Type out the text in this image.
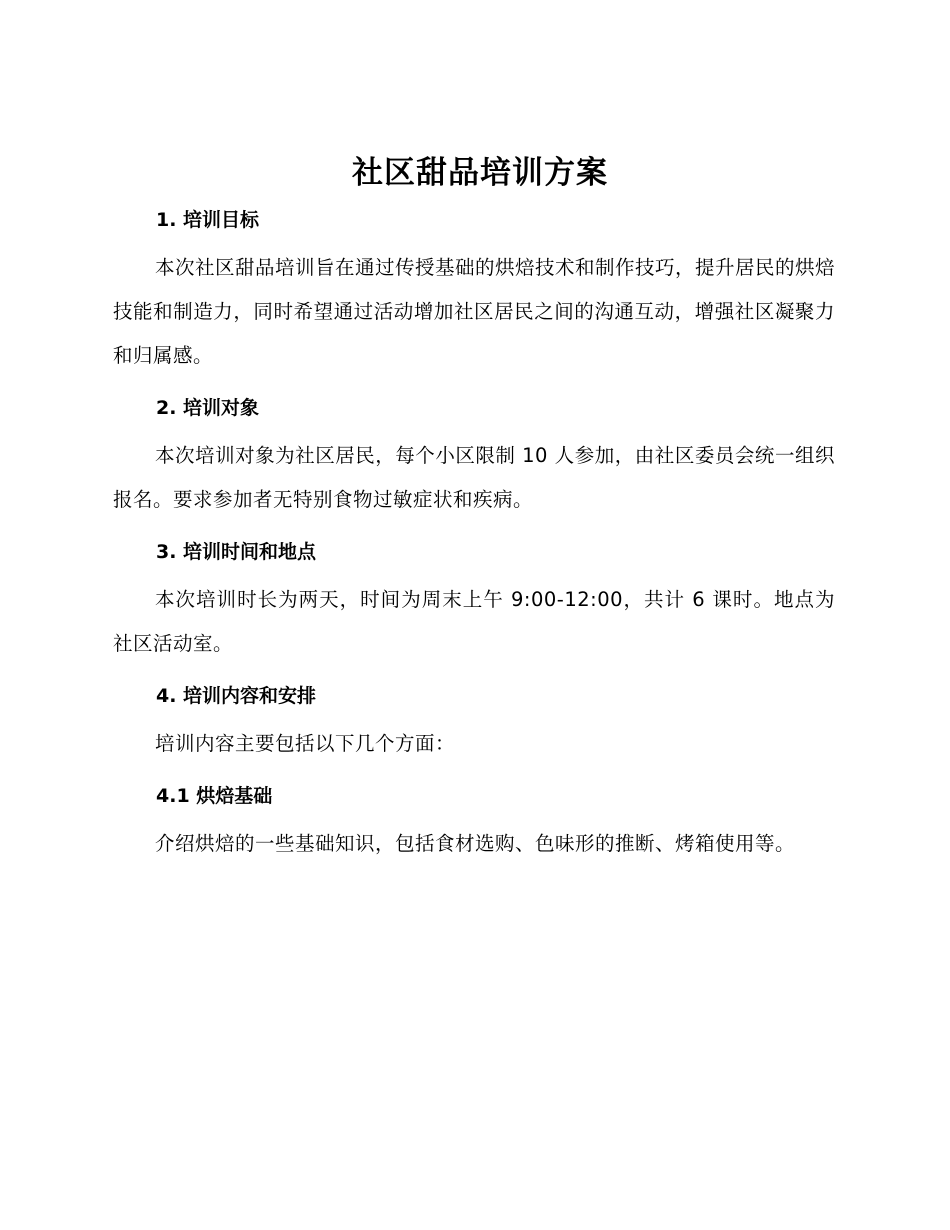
社区甜品培训方案
1. 培训目标

本次社区甜品培训旨在通过传授基础的烘焙技术和制作技巧，提升居民的烘焙技能和制造力，同时希望通过活动增加社区居民之间的沟通互动，增强社区凝聚力和归属感。

2. 培训对象

本次培训对象为社区居民，每个小区限制 10 人参加，由社区委员会统一组织报名。要求参加者无特别食物过敏症状和疾病。

3. 培训时间和地点

本次培训时长为两天，时间为周末上午 9:00-12:00，共计 6 课时。地点为社区活动室。

4. 培训内容和安排

培训内容主要包括以下几个方面：

4.1 烘焙基础

介绍烘焙的一些基础知识，包括食材选购、色味形的推断、烤箱使用等。
